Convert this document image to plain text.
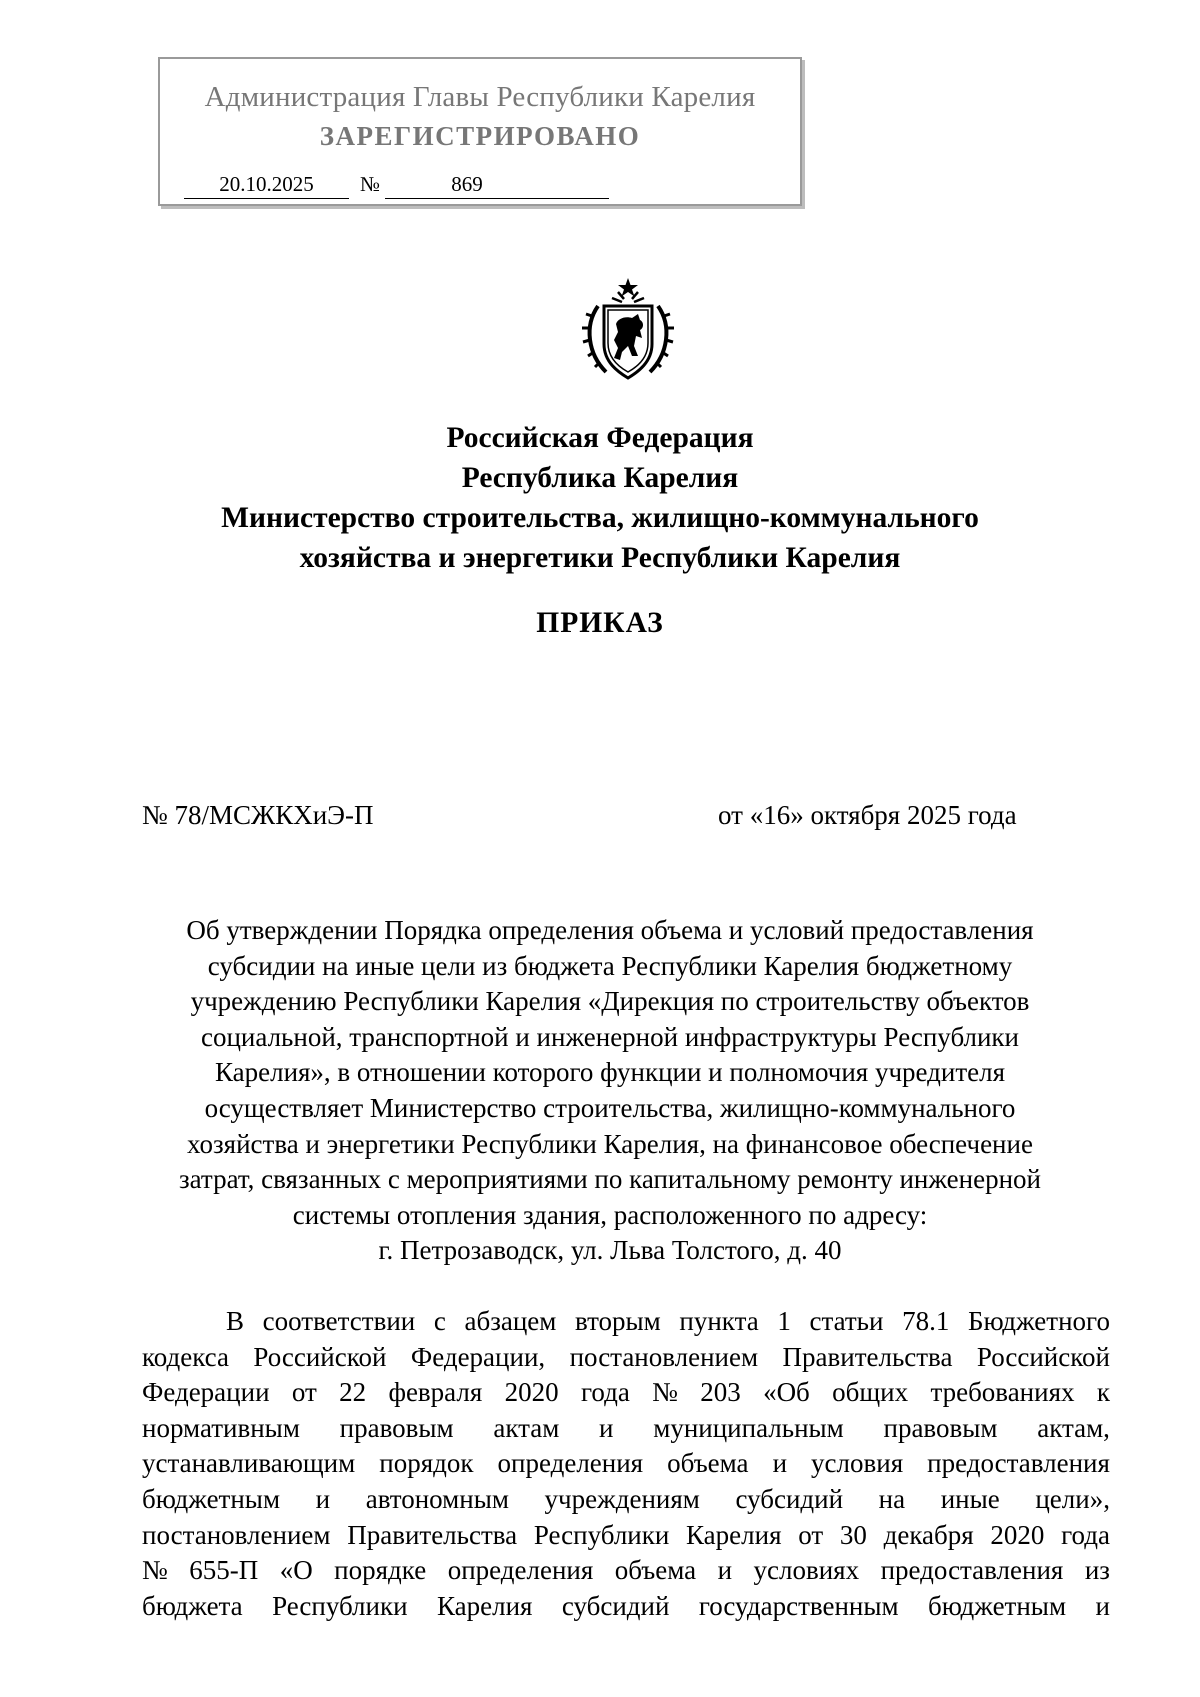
Администрация Главы Республики Карелия
ЗАРЕГИСТРИРОВАНО
20.10.2025	№	869
Российская Федерация
Республика Карелия
Министерство строительства, жилищно-коммунального
хозяйства и энергетики Республики Карелия
ПРИКАЗ
№ 78/МСЖКХиЭ-П	от «16» октября 2025 года
Об утверждении Порядка определения объема и условий предоставления
субсидии на иные цели из бюджета Республики Карелия бюджетному
учреждению Республики Карелия «Дирекция по строительству объектов
социальной, транспортной и инженерной инфраструктуры Республики
Карелия», в отношении которого функции и полномочия учредителя
осуществляет Министерство строительства, жилищно-коммунального
хозяйства и энергетики Республики Карелия, на финансовое обеспечение
затрат, связанных с мероприятиями по капитальному ремонту инженерной
системы отопления здания, расположенного по адресу:
г. Петрозаводск, ул. Льва Толстого, д. 40
В соответствии с абзацем вторым пункта 1 статьи 78.1 Бюджетного
кодекса Российской Федерации, постановлением Правительства Российской
Федерации от 22 февраля 2020 года № 203 «Об общих требованиях к
нормативным правовым актам и муниципальным правовым актам,
устанавливающим порядок определения объема и условия предоставления
бюджетным и автономным учреждениям субсидий на иные цели»,
постановлением Правительства Республики Карелия от 30 декабря 2020 года
№ 655-П «О порядке определения объема и условиях предоставления из
бюджета Республики Карелия субсидий государственным бюджетным и
